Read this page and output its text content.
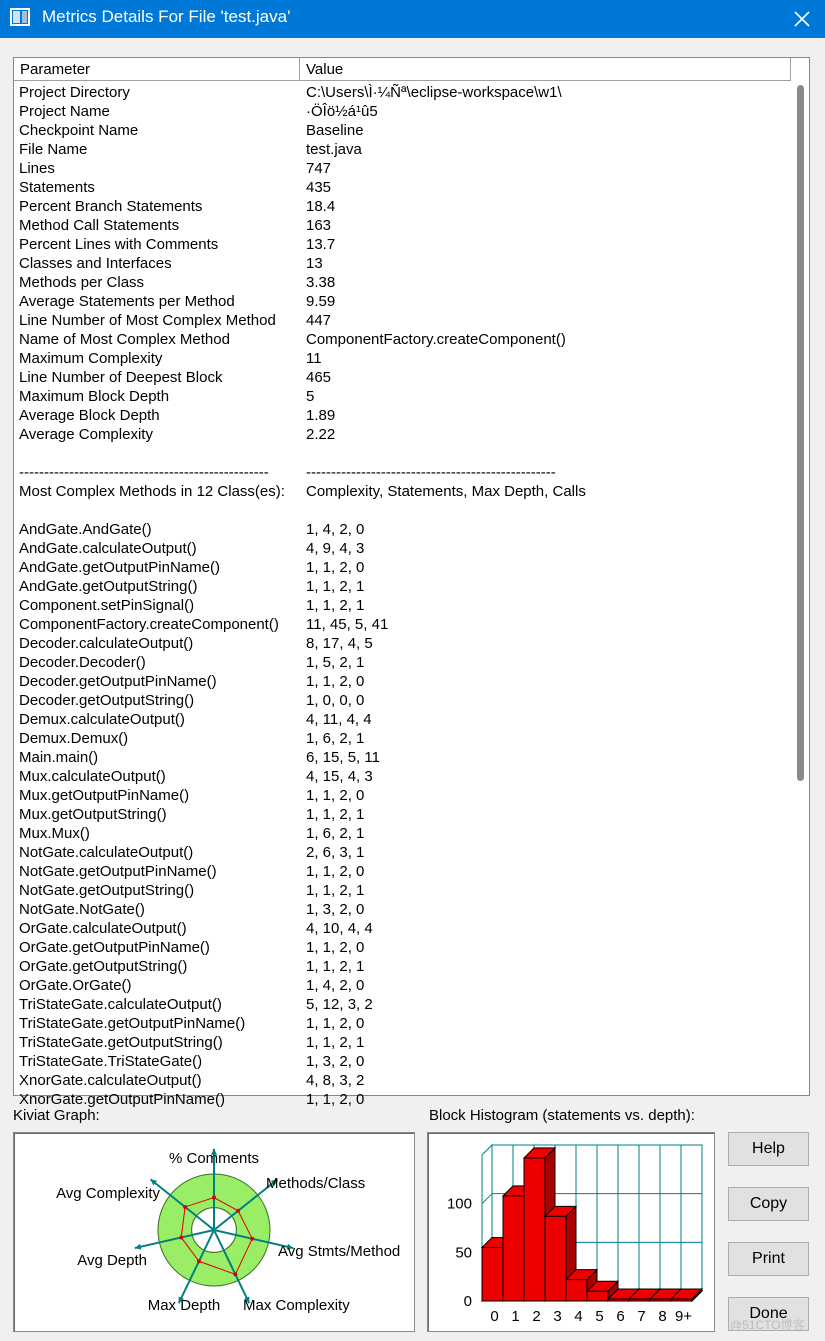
Metrics Details For File 'test.java'
Parameter	Value
Project Directory	C:\Users\Ì·¼Ñª\eclipse-workspace\w1\
Project Name	·ÖÎö½á¹û5
Checkpoint Name	Baseline
File Name	test.java
Lines	747
Statements	435
Percent Branch Statements	18.4
Method Call Statements	163
Percent Lines with Comments	13.7
Classes and Interfaces	13
Methods per Class	3.38
Average Statements per Method	9.59
Line Number of Most Complex Method 447
Name of Most Complex Method	ComponentFactory.createComponent()
Maximum Complexity	11
Line Number of Deepest Block	465
Maximum Block Depth	5
Average Block Depth	1.89
Average Complexity	2.22
-------------------------------------------------- --------------------------------------------------
Most Complex Methods in 12 Class(es): Complexity, Statements, Max Depth, Calls
AndGate.AndGate()	1, 4, 2, 0
AndGate.calculateOutput()	4, 9, 4, 3
AndGate.getOutputPinName()	1, 1, 2, 0
AndGate.getOutputString()	1, 1, 2, 1
Component.setPinSignal()	1, 1, 2, 1
ComponentFactory.createComponent() 11, 45, 5, 41
Decoder.calculateOutput()	8, 17, 4, 5
Decoder.Decoder()	1, 5, 2, 1
Decoder.getOutputPinName()	1, 1, 2, 0
Decoder.getOutputString()	1, 0, 0, 0
Demux.calculateOutput()	4, 11, 4, 4
Demux.Demux()	1, 6, 2, 1
Main.main()	6, 15, 5, 11
Mux.calculateOutput()	4, 15, 4, 3
Mux.getOutputPinName()	1, 1, 2, 0
Mux.getOutputString()	1, 1, 2, 1
Mux.Mux()	1, 6, 2, 1
NotGate.calculateOutput()	2, 6, 3, 1
NotGate.getOutputPinName()	1, 1, 2, 0
NotGate.getOutputString()	1, 1, 2, 1
NotGate.NotGate()	1, 3, 2, 0
OrGate.calculateOutput()	4, 10, 4, 4
OrGate.getOutputPinName()	1, 1, 2, 0
OrGate.getOutputString()	1, 1, 2, 1
OrGate.OrGate()	1, 4, 2, 0
TriStateGate.calculateOutput()	5, 12, 3, 2
TriStateGate.getOutputPinName()	1, 1, 2, 0
TriStateGate.getOutputString()	1, 1, 2, 1
TriStateGate.TriStateGate()	1, 3, 2, 0
XnorGate.calculateOutput()	4, 8, 3, 2
XnorGate.getOutputPinName()	1, 1, 2, 0
Kiviat Graph:
% Comments
Methods/Class
Avg Stmts/Method
Max Complexity
Max Depth
Avg Depth
Avg Complexity
Block Histogram (statements vs. depth):
0
50
100
0 1 2 3 4 5 6 7 8 9+
Help
Copy
Print
Done
@51CTO博客
